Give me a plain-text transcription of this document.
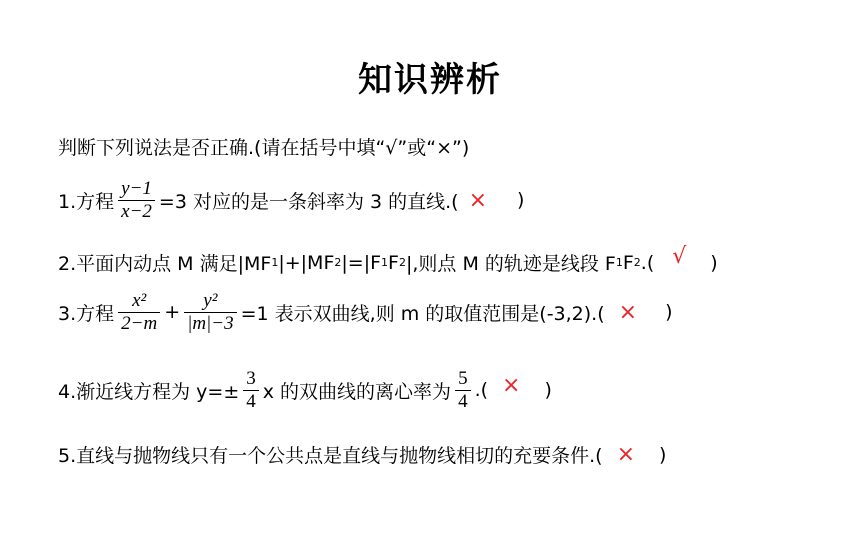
知识辨析
判断下列说法是否正确.(请在括号中填“√”或“×”)
1.方程 $\frac{y-1}{x-2} =3$ 对应的是一条斜率为 3 的直线.( × )
2.平面内动点 M 满足|MF 1 |+|MF 2 |=|F 1 F 2 |,则点 M 的轨迹是线段 F 1 F 2 .( √ )
3.方程 $\frac{\text{x²}}{2-m} + \frac{\text{y²}}{|m|-3} =1$ 表示双曲线,则 m 的取值范围是(-3,2).( × )
4.渐近线方程为 $y=\pm \frac{3}{4}$ x 的双曲线的离心率为 $\frac{5}{4}$ .( × )
5.直线与抛物线只有一个公共点是直线与抛物线相切的充要条件.( × )
